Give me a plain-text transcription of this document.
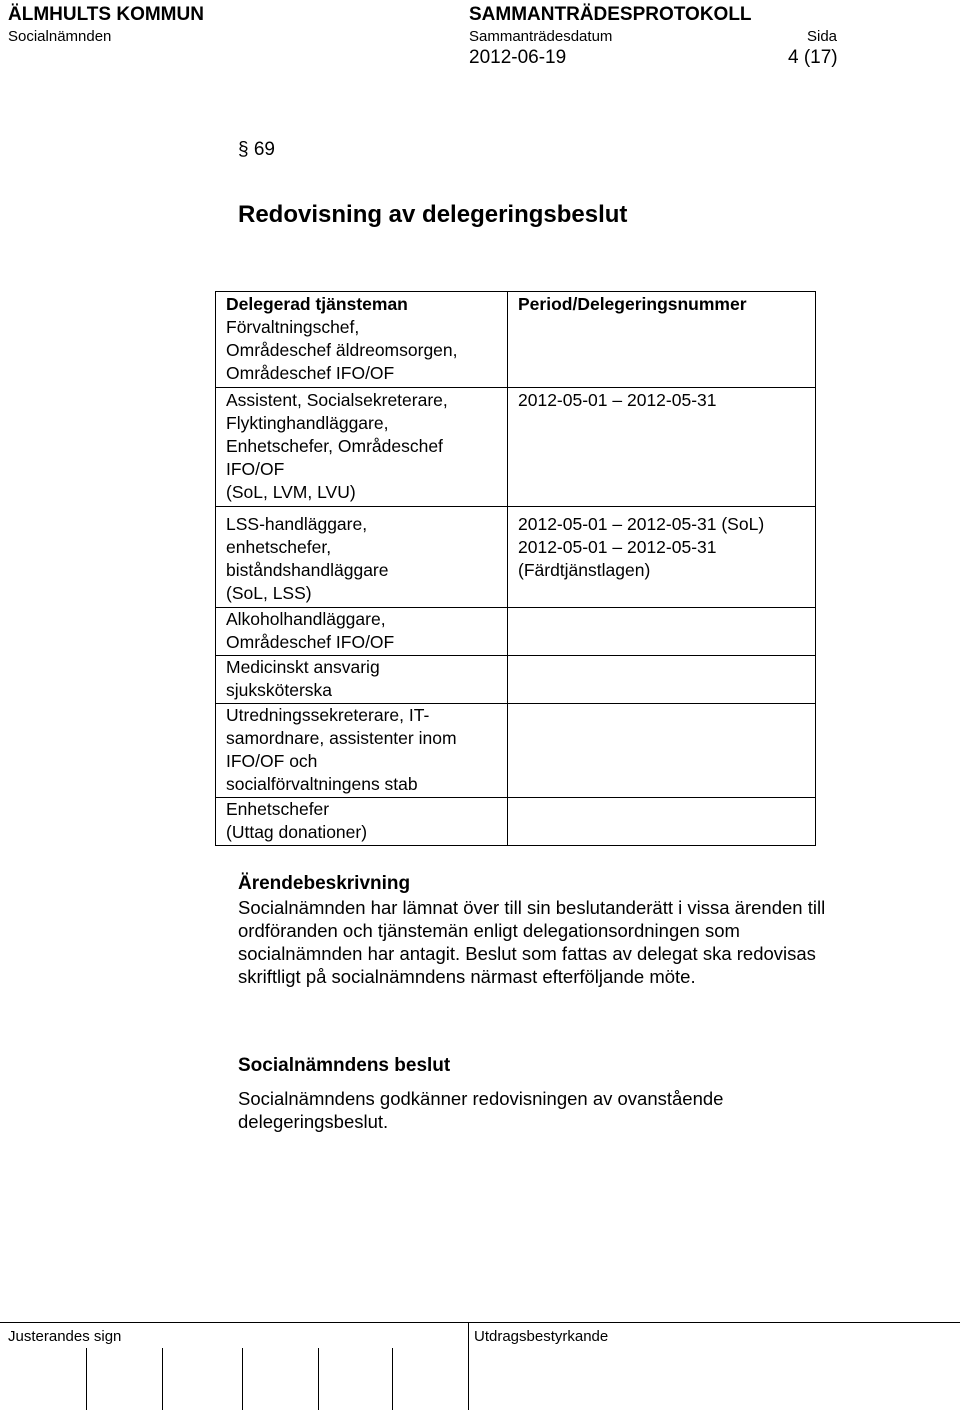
ÄLMHULTS KOMMUN
Socialnämnden
SAMMANTRÄDESPROTOKOLL
Sammanträdesdatum	Sida
2012-06-19	4 (17)
§ 69
Redovisning av delegeringsbeslut
Delegerad tjänsteman
Förvaltningschef,
Områdeschef äldreomsorgen,
Områdeschef IFO/OF	Period/Delegeringsnummer

Assistent, Socialsekreterare,
Flyktinghandläggare,
Enhetschefer, Områdeschef
IFO/OF
(SoL, LVM, LVU)	2012-05-01 – 2012-05-31

LSS-handläggare,
enhetschefer,
biståndshandläggare
(SoL, LSS)	2012-05-01 – 2012-05-31 (SoL)
2012-05-01 – 2012-05-31
(Färdtjänstlagen)

Alkoholhandläggare,
Områdeschef IFO/OF	

Medicinskt ansvarig
sjuksköterska	

Utredningssekreterare, IT-
samordnare, assistenter inom
IFO/OF och
socialförvaltningens stab	

Enhetschefer
(Uttag donationer)	

Ärendebeskrivning
Socialnämnden har lämnat över till sin beslutanderätt i vissa ärenden till
ordföranden och tjänstemän enligt delegationsordningen som
socialnämnden har antagit. Beslut som fattas av delegat ska redovisas
skriftligt på socialnämndens närmast efterföljande möte.
Socialnämndens beslut
Socialnämndens godkänner redovisningen av ovanstående
delegeringsbeslut.
Justerandes sign	Utdragsbestyrkande
